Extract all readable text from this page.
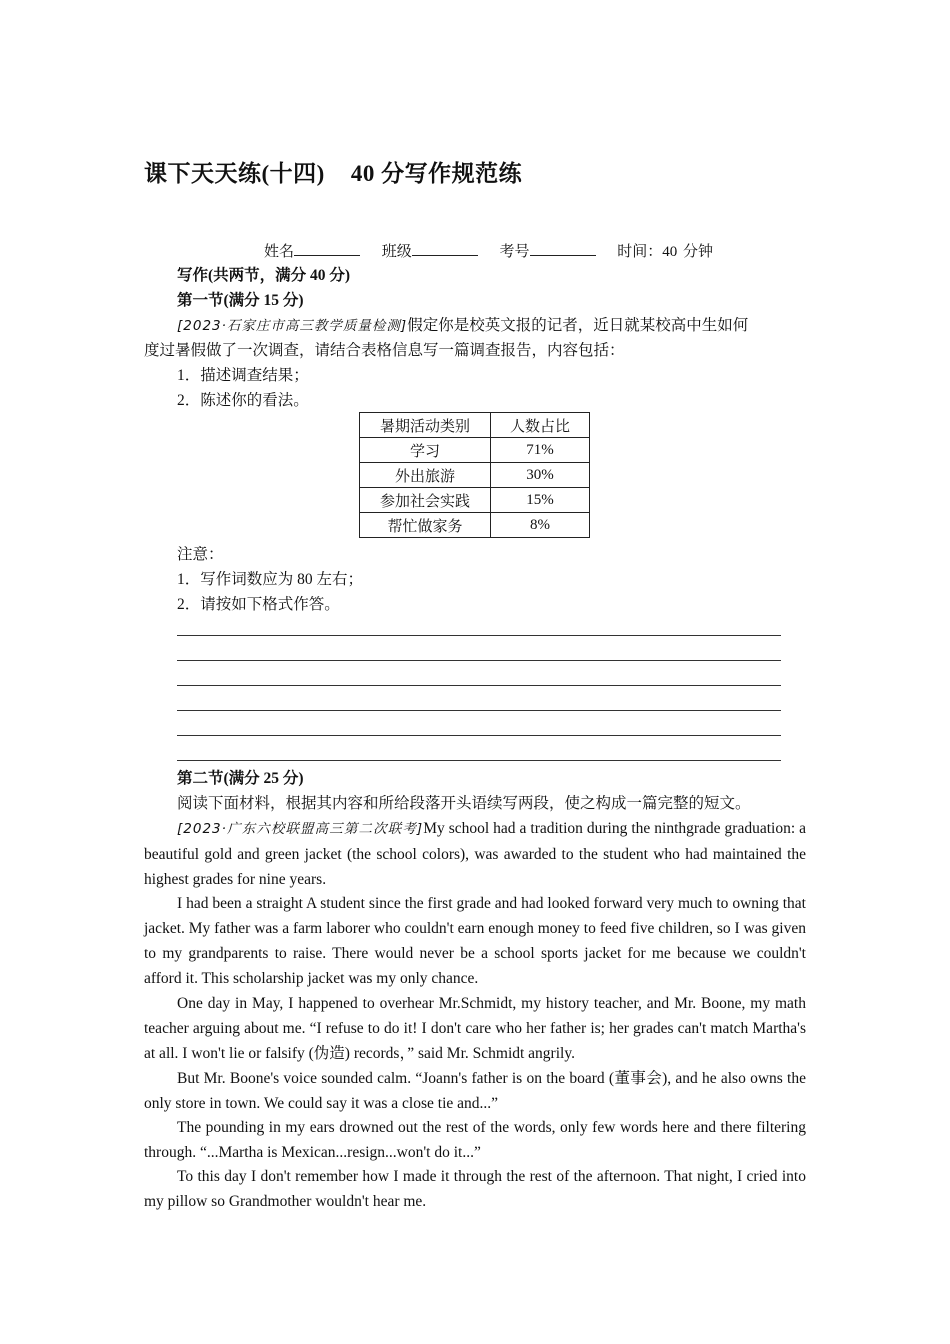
课下天天练(十四) 40 分写作规范练
姓名	班级	考号	时间：40 分钟
写作(共两节，满分 40 分)
第一节(满分 15 分)
[2023·石家庄市高三教学质量检测]假定你是校英文报的记者，近日就某校高中生如何
度过暑假做了一次调查，请结合表格信息写一篇调查报告，内容包括：
1．描述调查结果；
2．陈述你的看法。
暑期活动类别	人数占比
学习	71%
外出旅游	30%
参加社会实践	15%
帮忙做家务	8%
注意：
1．写作词数应为 80 左右；
2．请按如下格式作答。
第二节(满分 25 分)
阅读下面材料，根据其内容和所给段落开头语续写两段，使之构成一篇完整的短文。
[2023·广东六校联盟高三第二次联考]My school had a tradition during the ninthgrade graduation: a beautiful gold and green jacket (the school colors), was awarded to the student who had maintained the highest grades for nine years.
I had been a straight A student since the first grade and had looked forward very much to owning that jacket. My father was a farm laborer who couldn't earn enough money to feed five children, so I was given to my grandparents to raise. There would never be a school sports jacket for me because we couldn't afford it. This scholarship jacket was my only chance.
One day in May, I happened to overhear Mr.Schmidt, my history teacher, and Mr. Boone, my math teacher arguing about me. “I refuse to do it! I don't care who her father is; her grades can't match Martha's at all. I won't lie or falsify (伪造) records，” said Mr. Schmidt angrily.
But Mr. Boone's voice sounded calm. “Joann's father is on the board (董事会), and he also owns the only store in town. We could say it was a close tie and...”
The pounding in my ears drowned out the rest of the words, only few words here and there filtering through. “...Martha is Mexican...resign...won't do it...”
To this day I don't remember how I made it through the rest of the afternoon. That night, I cried into my pillow so Grandmother wouldn't hear me.
